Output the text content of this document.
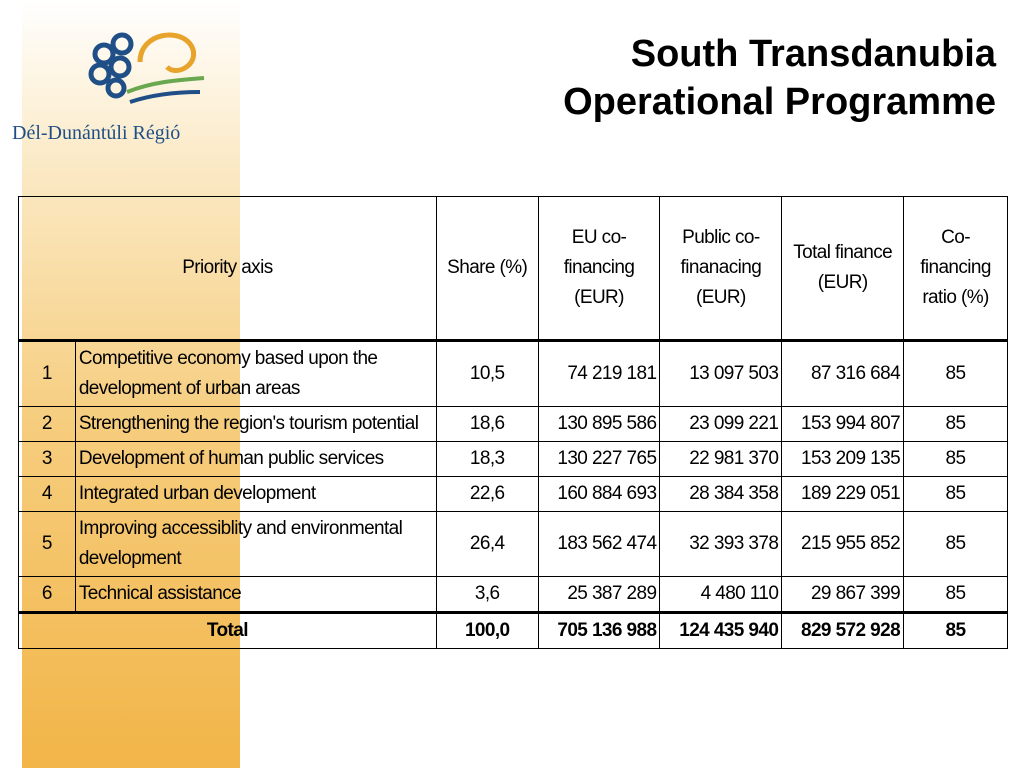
Dél-Dunántúli Régió
South Transdanubia
Operational Programme
Priority axis		Share (%)	EU co-financing (EUR)	Public co-finanacing (EUR)	Total finance (EUR)	Co-financing ratio (%)
1	Competitive economy based upon the development of urban areas	10,5	74 219 181	13 097 503	87 316 684	85
2	Strengthening the region's tourism potential	18,6	130 895 586	23 099 221	153 994 807	85
3	Development of human public services	18,3	130 227 765	22 981 370	153 209 135	85
4	Integrated urban development	22,6	160 884 693	28 384 358	189 229 051	85
5	Improving accessiblity and environmental development	26,4	183 562 474	32 393 378	215 955 852	85
6	Technical assistance	3,6	25 387 289	4 480 110	29 867 399	85
Total		100,0	705 136 988	124 435 940	829 572 928	85
